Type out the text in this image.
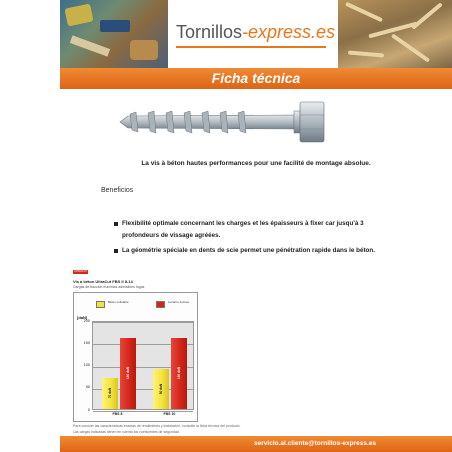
Tornillos-express.es
Ficha técnica
La vis à béton hautes performances pour une facilité de montage absolue.
Beneficios
Flexibilité optimale concernant les charges et les épaisseurs à fixer car jusqu'à 3 profondeurs de vissage agréées.
La géométrie spéciale en dents de scie permet une pénétration rapide dans le béton.
ULTRACUT
Vis à béton UltraCut FBS II 8-14
Cargas de tracción máximas admisibles fugas
Béton cellulaire	Lucarne Incluso
[daN]
0
50
100
150
200
70 daN
160 daN
90 daN
160 daN
FBS 8	FBS 10
Para conocer las características exactas de rendimiento y instalación, consulte la ficha técnica del producto.
Las cargas indicadas tienen en cuenta los coeficientes de seguridad.
servicio.al.cliente@tornillos-express.es
